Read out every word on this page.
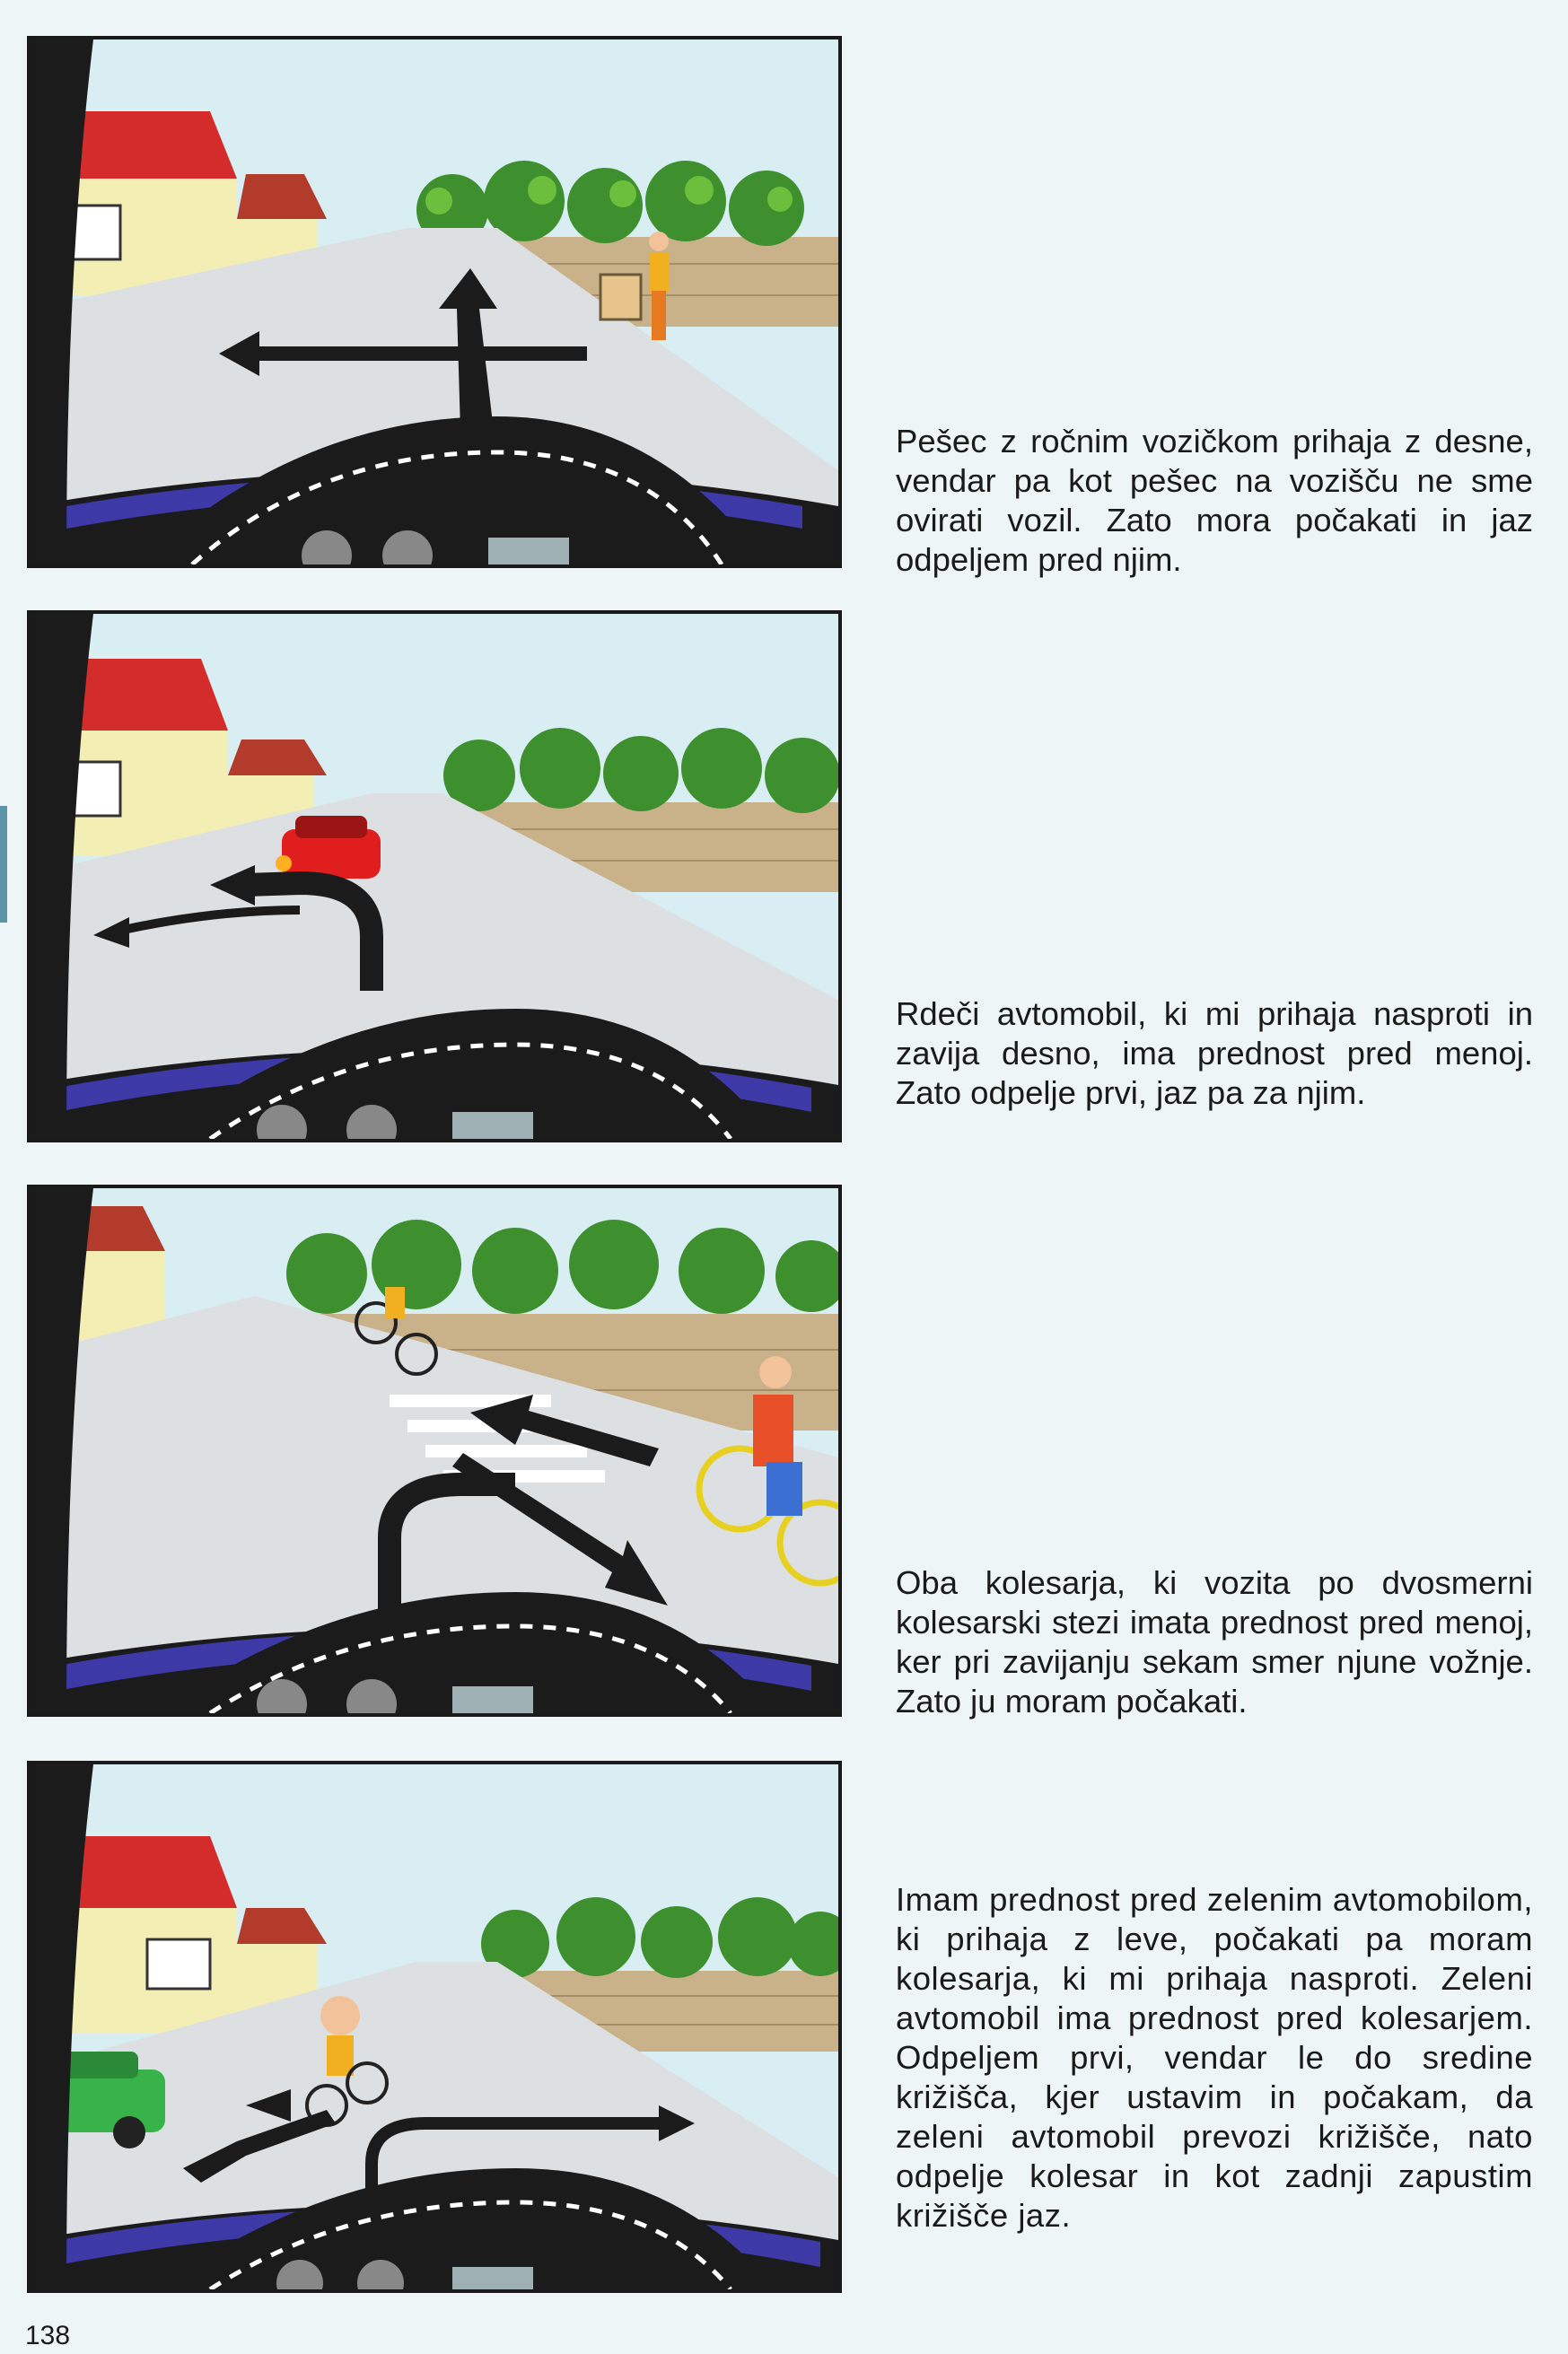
Pešec z ročnim vozičkom prihaja z desne, vendar pa kot pešec na vozišču ne sme ovirati vozil. Zato mora počakati in jaz odpeljem pred njim.

Rdeči avtomobil, ki mi prihaja nasproti in zavija desno, ima prednost pred menoj. Zato odpelje prvi, jaz pa za njim.

Oba kolesarja, ki vozita po dvosmerni kolesarski stezi imata prednost pred menoj, ker pri zavijanju sekam smer njune vožnje. Zato ju moram počakati.

Imam prednost pred zelenim avtomobilom, ki prihaja z leve, počakati pa moram kolesarja, ki mi prihaja nasproti. Zeleni avtomobil ima prednost pred kolesarjem. Odpeljem prvi, vendar le do sredine križišča, kjer ustavim in počakam, da zeleni avtomobil prevozi križišče, nato odpelje kolesar in kot zadnji zapustim križišče jaz.

138
